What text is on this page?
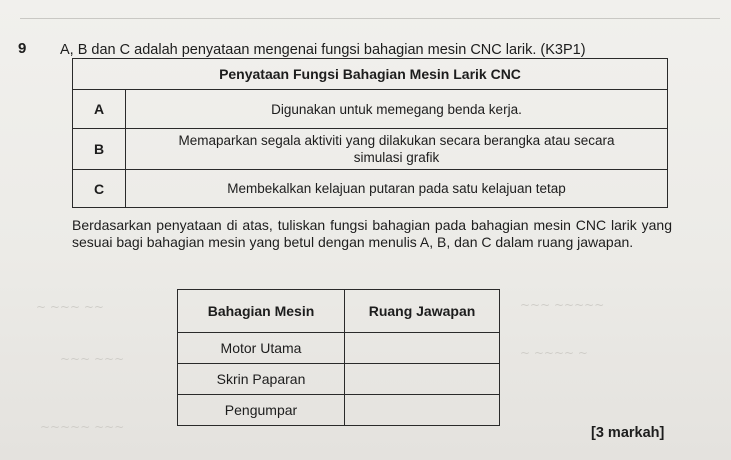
9 A, B dan C adalah penyataan mengenai fungsi bahagian mesin CNC larik. (K3P1)
Penyataan Fungsi Bahagian Mesin Larik CNC	
A	Digunakan untuk memegang benda kerja.
B	Memaparkan segala aktiviti yang dilakukan secara berangka atau secara
simulasi grafik
C	Membekalkan kelajuan putaran pada satu kelajuan tetap
Berdasarkan penyataan di atas, tuliskan fungsi bahagian pada bahagian mesin CNC larik yang sesuai bagi bahagian mesin yang betul dengan menulis A, B, dan C dalam ruang jawapan.
Bahagian Mesin	Ruang Jawapan
Motor Utama	
Skrin Paparan	
Pengumpar	
[3 markah]
~ ~~~ ~~	~~~ ~~~~~
~~~ ~~~	~ ~~~~ ~
~~~~~ ~~~
